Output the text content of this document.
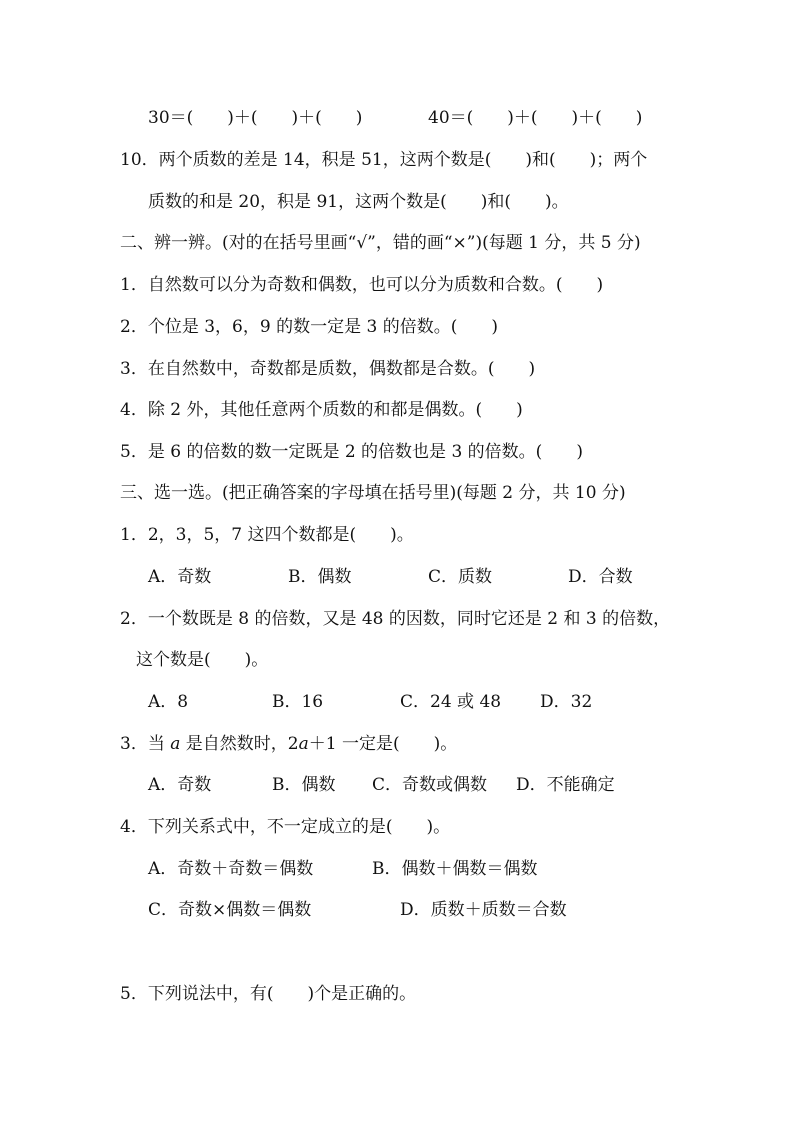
30＝(　　)＋(　　)＋(　　)	40＝(　　)＋(　　)＋(　　)
10．两个质数的差是 14，积是 51，这两个数是(　　)和(　　)；两个
质数的和是 20，积是 91，这两个数是(　　)和(　　)。
二、辨一辨。(对的在括号里画“√”，错的画“×”)(每题 1 分，共 5 分)
1．自然数可以分为奇数和偶数，也可以分为质数和合数。(　　)
2．个位是 3，6，9 的数一定是 3 的倍数。(　　)
3．在自然数中，奇数都是质数，偶数都是合数。(　　)
4．除 2 外，其他任意两个质数的和都是偶数。(　　)
5．是 6 的倍数的数一定既是 2 的倍数也是 3 的倍数。(　　)
三、选一选。(把正确答案的字母填在括号里)(每题 2 分，共 10 分)
1．2，3，5，7 这四个数都是(　　)。
A．奇数	B．偶数	C．质数	D．合数
2．一个数既是 8 的倍数，又是 48 的因数，同时它还是 2 和 3 的倍数，
这个数是(　　)。
A．8	B．16	C．24 或 48 D．32
3．当 a 是自然数时，2a＋1 一定是(　　)。
A．奇数	B．偶数 C．奇数或偶数 D．不能确定
4．下列关系式中，不一定成立的是(　　)。
A．奇数＋奇数＝偶数	B．偶数＋偶数＝偶数
C．奇数×偶数＝偶数	D．质数＋质数＝合数
5．下列说法中，有(　　)个是正确的。
